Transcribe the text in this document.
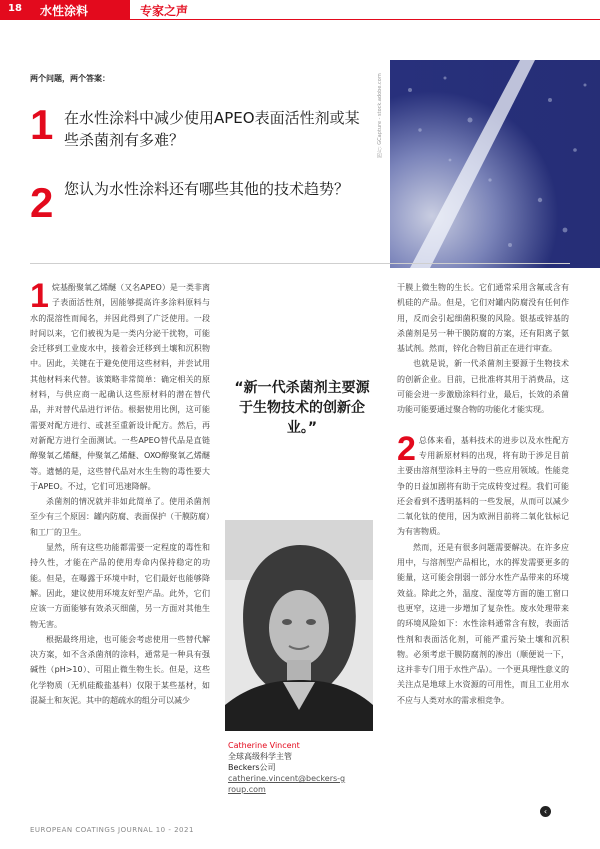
18 水性涂料	专家之声
两个问题，两个答案：
1 在水性涂料中减少使用APEO表面活性剂或某些杀菌剂有多难？
2 您认为水性涂料还有哪些其他的技术趋势？
图片: GCapture - stock.adobe.com

1 烷基酚聚氧乙烯醚（又名APEO）是一类非离子表面活性剂，因能够提高许多涂料原料与水的混溶性而闻名，并因此得到了广泛使用。一段时间以来，它们被视为是一类内分泌干扰物，可能会迁移到工业废水中，接着会迁移到土壤和沉积物中。因此，关键在于避免使用这些材料，并尝试用其他材料来代替。该策略非常简单：确定相关的原材料，与供应商一起确认这些原材料的潜在替代品，并对替代品进行评估。根据使用比例，这可能需要对配方进行、或甚至重新设计配方。然后，再对新配方进行全面测试。一些APEO替代品是直链醇聚氧乙烯醚，仲聚氧乙烯醚、OXO醇聚氧乙烯醚等。遗憾的是，这些替代品对水生生物的毒性要大于APEO。不过，它们可迅速降解。

杀菌剂的情况就并非如此简单了。使用杀菌剂至少有三个原因：罐内防腐、表面保护（干膜防腐）和工厂的卫生。

显然，所有这些功能都需要一定程度的毒性和持久性，才能在产品的使用寿命内保持稳定的功能。但是，在曝露于环境中时，它们最好也能够降解。因此，建议使用环境友好型产品。此外，它们应该一方面能够有效杀灭细菌，另一方面对其他生物无害。

根据最终用途，也可能会考虑使用一些替代解决方案，如不含杀菌剂的涂料，通常是一种具有强碱性（pH>10）、可阻止微生物生长。但是，这些化学物质（无机硅酸盐基料）仅限于某些基材，如混凝土和灰泥。其中的超疏水的组分可以减少

“新一代杀菌剂主要源于生物技术的创新企业。”
Catherine Vincent
全球高级科学主管
Beckers公司
catherine.vincent@beckers-group.com

干膜上微生物的生长。它们通常采用含氟或含有机硅的产品。但是，它们对罐内防腐没有任何作用，反而会引起细菌积聚的风险。银基或锌基的杀菌剂是另一种干膜防腐的方案，还有阳离子氨基试剂。然而，锌化合物目前正在进行审查。

也就是说，新一代杀菌剂主要源于生物技术的创新企业。目前，已批准将其用于消费品，这可能会进一步激励涂料行业，最后，长效的杀菌功能可能要通过聚合物的功能化才能实现。

2 总体来看，基料技术的进步以及水性配方专用新原材料的出现，将有助于涉足目前主要由溶剂型涂料主导的一些应用领域。性能竞争的日益加剧将有助于完成转变过程。我们可能还会看到不透明基料的一些发展，从而可以减少二氧化钛的使用，因为欧洲目前将二氧化钛标记为有害物质。

然而，还是有很多问题需要解决。在许多应用中，与溶剂型产品相比，水的挥发需要更多的能量，这可能会削弱一部分水性产品带来的环境效益。除此之外，温度、湿度等方面的施工窗口也更窄，这进一步增加了复杂性。废水处理带来的环境风险如下：水性涂料通常含有胺，表面活性剂和表面活化剂，可能严重污染土壤和沉积物。必须考虑干膜防腐剂的渗出（顺便说一下，这并非专门用于水性产品）。一个更具理性意义的关注点是地球上水资源的可用性，而且工业用水不应与人类对水的需求相竞争。

‹
EUROPEAN COATINGS JOURNAL 10 - 2021
